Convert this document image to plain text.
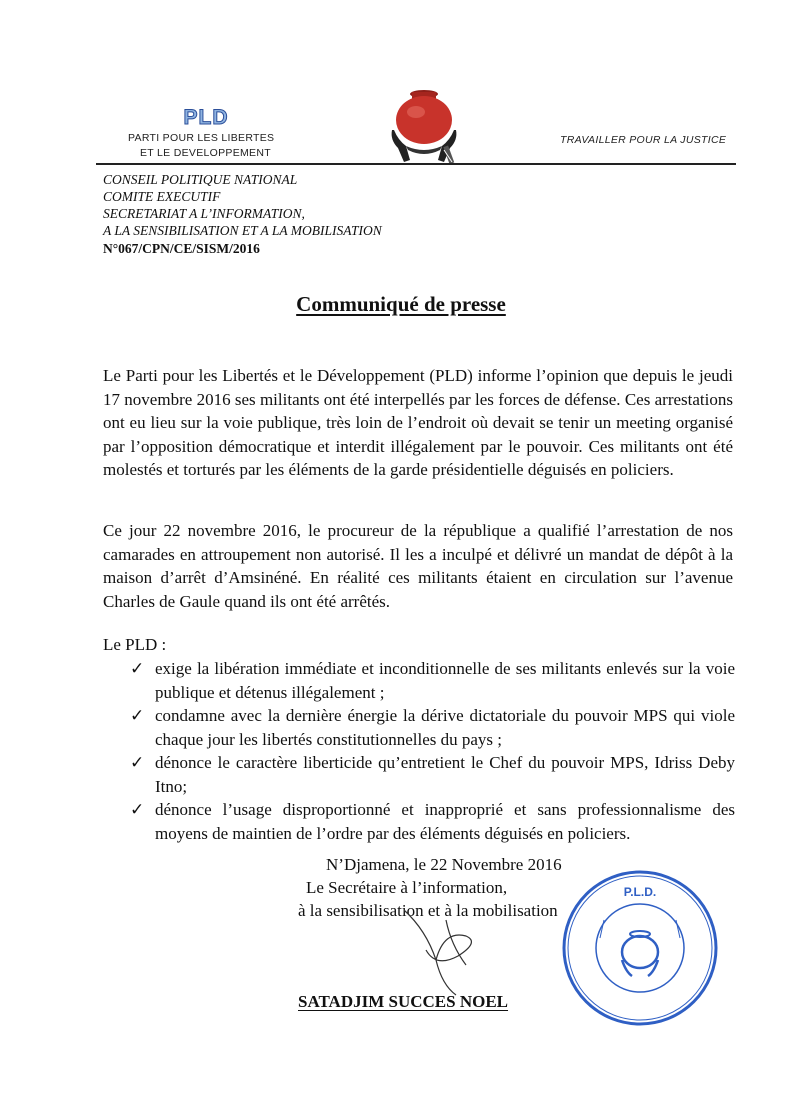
PLD
PARTI POUR LES LIBERTES
ET LE DEVELOPPEMENT
TRAVAILLER POUR LA JUSTICE
CONSEIL POLITIQUE NATIONAL
COMITE EXECUTIF
SECRETARIAT A L’INFORMATION,
A LA SENSIBILISATION ET A LA MOBILISATION
N°067/CPN/CE/SISM/2016
Communiqué de presse
Le Parti pour les Libertés et le Développement (PLD) informe l’opinion que depuis le jeudi 17 novembre 2016 ses militants ont été interpellés par les forces de défense. Ces arrestations ont eu lieu sur la voie publique, très loin de l’endroit où devait se tenir un meeting organisé par l’opposition démocratique et interdit illégalement par le pouvoir. Ces militants ont été molestés et torturés par les éléments de la garde présidentielle déguisés en policiers.
Ce jour 22 novembre 2016, le procureur de la république a qualifié l’arrestation de nos camarades en attroupement non autorisé. Il les a inculpé et délivré un mandat de dépôt à la maison d’arrêt d’Amsinéné. En réalité ces militants étaient en circulation sur l’avenue Charles de Gaule quand ils ont été arrêtés.
Le PLD :
✓ exige la libération immédiate et inconditionnelle de ses militants enlevés sur la voie publique et détenus illégalement ;
✓ condamne avec la dernière énergie la dérive dictatoriale du pouvoir MPS qui viole chaque jour les libertés constitutionnelles du pays ;
✓ dénonce le caractère liberticide qu’entretient le Chef du pouvoir MPS, Idriss Deby Itno;
✓ dénonce l’usage disproportionné et inapproprié et sans professionnalisme des moyens de maintien de l’ordre par des éléments déguisés en policiers.
N’Djamena, le 22 Novembre 2016
Le Secrétaire à l’information,
à la sensibilisation et à la mobilisation
SATADJIM SUCCES NOEL
P.L.D.
